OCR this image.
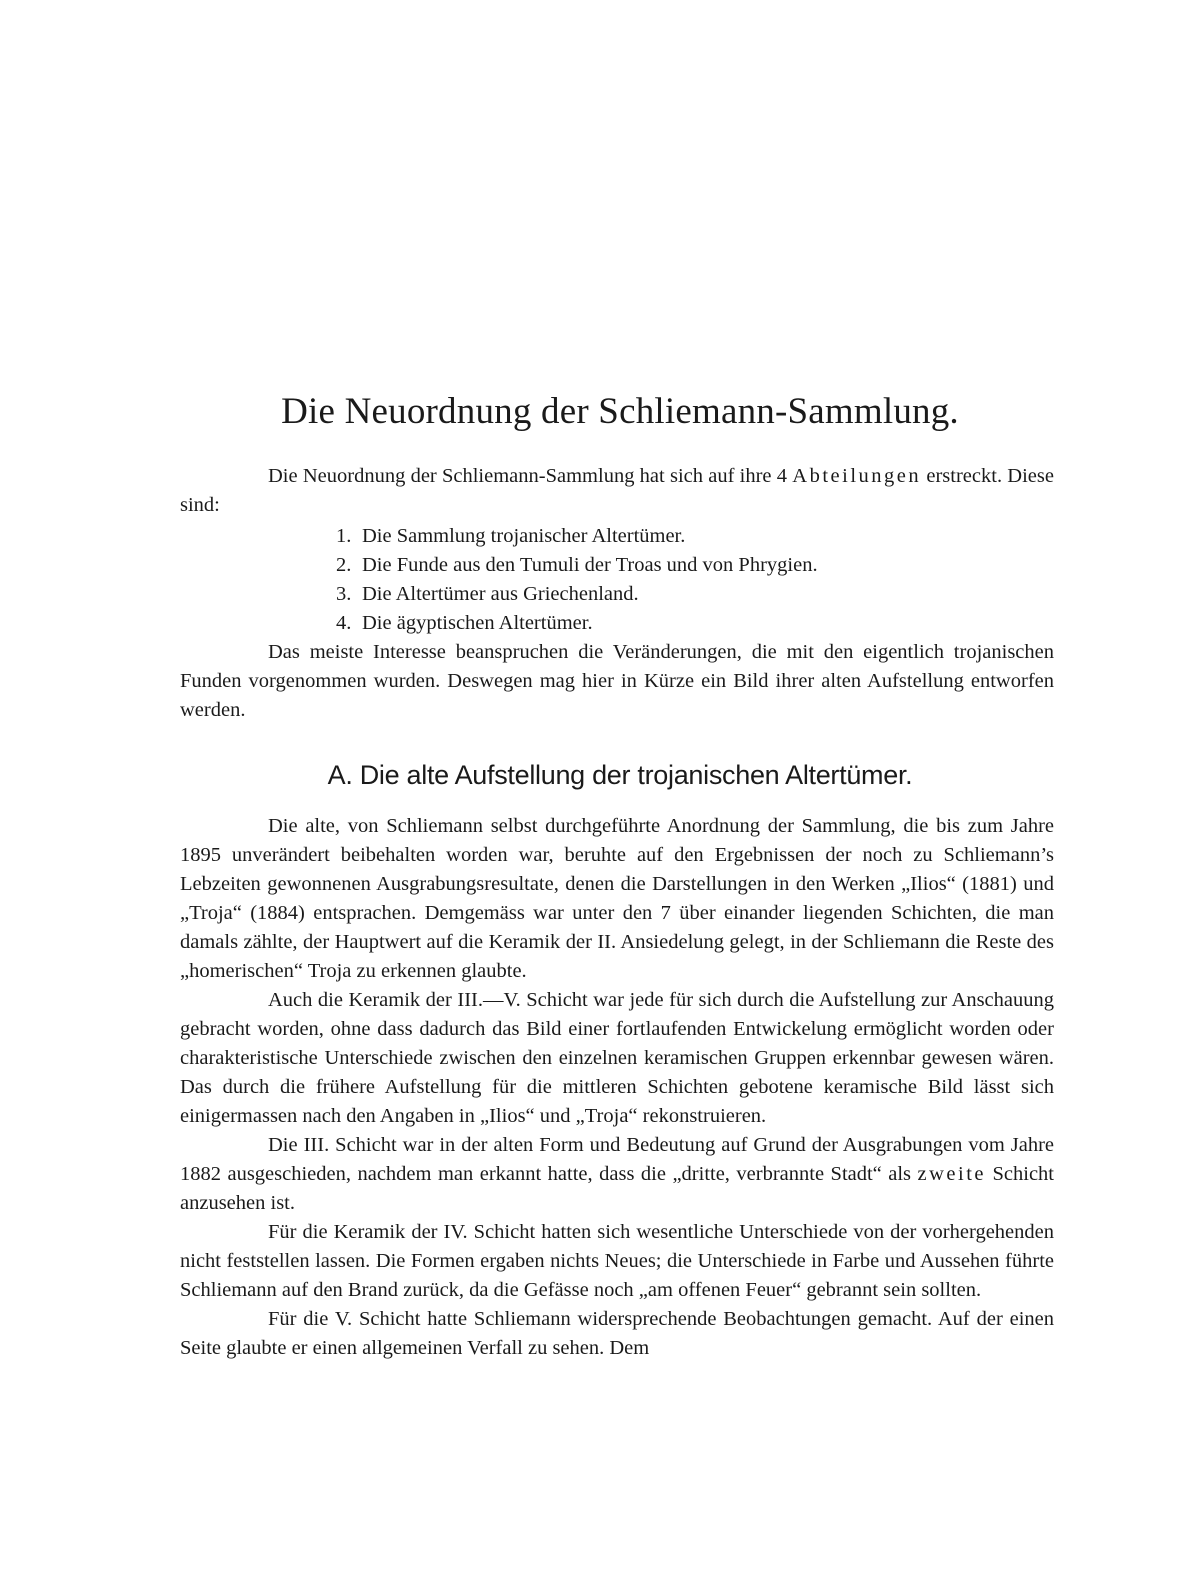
Die Neuordnung der Schliemann-Sammlung.

Die Neuordnung der Schliemann-Sammlung hat sich auf ihre 4 Abteilungen erstreckt. Diese sind:

1. Die Sammlung trojanischer Altertümer.
2. Die Funde aus den Tumuli der Troas und von Phrygien.
3. Die Altertümer aus Griechenland.
4. Die ägyptischen Altertümer.

Das meiste Interesse beanspruchen die Veränderungen, die mit den eigentlich trojanischen Funden vorgenommen wurden. Deswegen mag hier in Kürze ein Bild ihrer alten Aufstellung entworfen werden.

A. Die alte Aufstellung der trojanischen Altertümer.

Die alte, von Schliemann selbst durchgeführte Anordnung der Sammlung, die bis zum Jahre 1895 unverändert beibehalten worden war, beruhte auf den Ergebnissen der noch zu Schliemann’s Lebzeiten gewonnenen Ausgrabungsresultate, denen die Darstellungen in den Werken „Ilios“ (1881) und „Troja“ (1884) entsprachen. Demgemäss war unter den 7 über einander liegenden Schichten, die man damals zählte, der Hauptwert auf die Keramik der II. Ansiedelung gelegt, in der Schliemann die Reste des „homerischen“ Troja zu erkennen glaubte.

Auch die Keramik der III.—V. Schicht war jede für sich durch die Aufstellung zur Anschauung gebracht worden, ohne dass dadurch das Bild einer fortlaufenden Entwickelung ermöglicht worden oder charakteristische Unterschiede zwischen den einzelnen keramischen Gruppen erkennbar gewesen wären. Das durch die frühere Aufstellung für die mittleren Schichten gebotene keramische Bild lässt sich einigermassen nach den Angaben in „Ilios“ und „Troja“ rekonstruieren.

Die III. Schicht war in der alten Form und Bedeutung auf Grund der Ausgrabungen vom Jahre 1882 ausgeschieden, nachdem man erkannt hatte, dass die „dritte, verbrannte Stadt“ als zweite Schicht anzusehen ist.

Für die Keramik der IV. Schicht hatten sich wesentliche Unterschiede von der vorhergehenden nicht feststellen lassen. Die Formen ergaben nichts Neues; die Unterschiede in Farbe und Aussehen führte Schliemann auf den Brand zurück, da die Gefässe noch „am offenen Feuer“ gebrannt sein sollten.

Für die V. Schicht hatte Schliemann widersprechende Beobachtungen gemacht. Auf der einen Seite glaubte er einen allgemeinen Verfall zu sehen. Dem
